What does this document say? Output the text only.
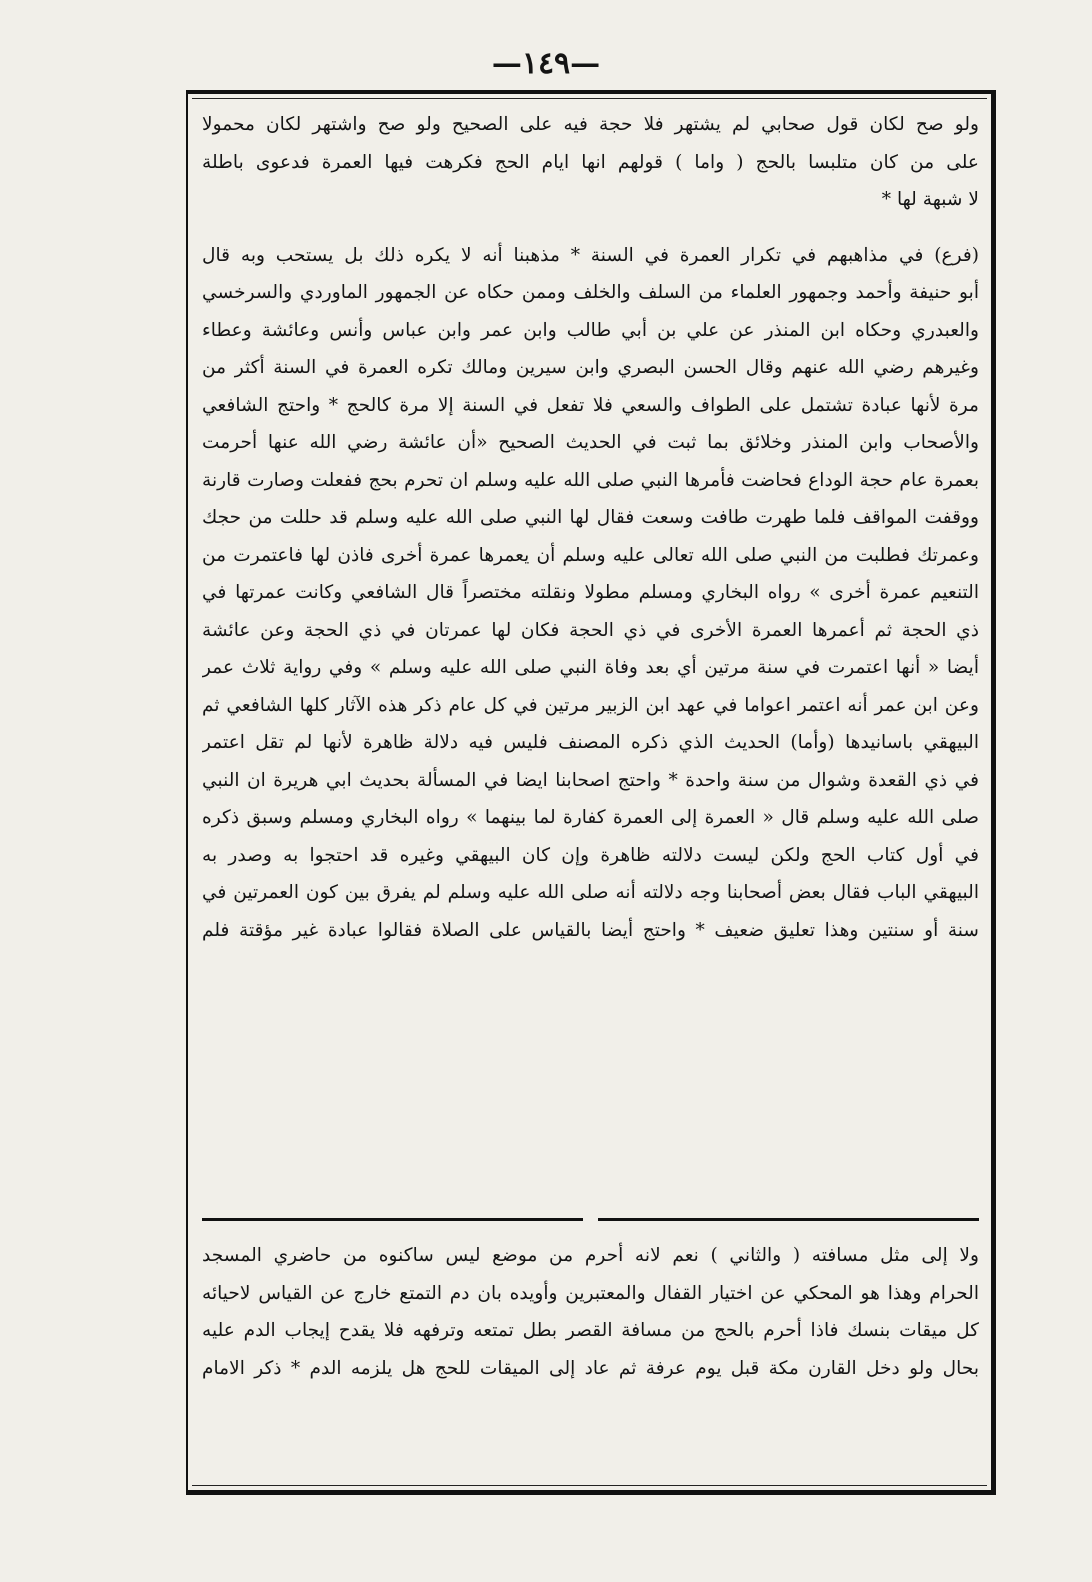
—١٤٩—
ولو صح لكان قول صحابي لم يشتهر فلا حجة فيه على الصحيح ولو صح واشتهر لكان محمولا
على من كان متلبسا بالحج ( واما ) قولهم انها ايام الحج فكرهت فيها العمرة فدعوى باطلة
لا شبهة لها *
(فرع) في مذاهبهم في تكرار العمرة في السنة * مذهبنا أنه لا يكره ذلك بل يستحب وبه قال
أبو حنيفة وأحمد وجمهور العلماء من السلف والخلف وممن حكاه عن الجمهور الماوردي والسرخسي
والعبدري وحكاه ابن المنذر عن علي بن أبي طالب وابن عمر وابن عباس وأنس وعائشة وعطاء
وغيرهم رضي الله عنهم وقال الحسن البصري وابن سيرين ومالك تكره العمرة في السنة أكثر من
مرة لأنها عبادة تشتمل على الطواف والسعي فلا تفعل في السنة إلا مرة كالحج * واحتج الشافعي
والأصحاب وابن المنذر وخلائق بما ثبت في الحديث الصحيح «أن عائشة رضي الله عنها أحرمت
بعمرة عام حجة الوداع فحاضت فأمرها النبي صلى الله عليه وسلم ان تحرم بحج ففعلت وصارت قارنة
ووقفت المواقف فلما طهرت طافت وسعت فقال لها النبي صلى الله عليه وسلم قد حللت من حجك
وعمرتك فطلبت من النبي صلى الله تعالى عليه وسلم أن يعمرها عمرة أخرى فاذن لها فاعتمرت من
التنعيم عمرة أخرى » رواه البخاري ومسلم مطولا ونقلته مختصراً قال الشافعي وكانت عمرتها في
ذي الحجة ثم أعمرها العمرة الأخرى في ذي الحجة فكان لها عمرتان في ذي الحجة وعن عائشة
أيضا « أنها اعتمرت في سنة مرتين أي بعد وفاة النبي صلى الله عليه وسلم » وفي رواية ثلاث عمر
وعن ابن عمر أنه اعتمر اعواما في عهد ابن الزبير مرتين في كل عام ذكر هذه الآثار كلها الشافعي ثم
البيهقي باسانيدها (وأما) الحديث الذي ذكره المصنف فليس فيه دلالة ظاهرة لأنها لم تقل اعتمر
في ذي القعدة وشوال من سنة واحدة * واحتج اصحابنا ايضا في المسألة بحديث ابي هريرة ان النبي
صلى الله عليه وسلم قال « العمرة إلى العمرة كفارة لما بينهما » رواه البخاري ومسلم وسبق ذكره
في أول كتاب الحج ولكن ليست دلالته ظاهرة وإن كان البيهقي وغيره قد احتجوا به وصدر به
البيهقي الباب فقال بعض أصحابنا وجه دلالته أنه صلى الله عليه وسلم لم يفرق بين كون العمرتين في
سنة أو سنتين وهذا تعليق ضعيف * واحتج أيضا بالقياس على الصلاة فقالوا عبادة غير مؤقتة فلم
ولا إلى مثل مسافته ( والثاني ) نعم لانه أحرم من موضع ليس ساكنوه من حاضري المسجد
الحرام وهذا هو المحكي عن اختيار القفال والمعتبرين وأويده بان دم التمتع خارج عن القياس لاحيائه
كل ميقات بنسك فاذا أحرم بالحج من مسافة القصر بطل تمتعه وترفهه فلا يقدح إيجاب الدم عليه
بحال ولو دخل القارن مكة قبل يوم عرفة ثم عاد إلى الميقات للحج هل يلزمه الدم * ذكر الامام
